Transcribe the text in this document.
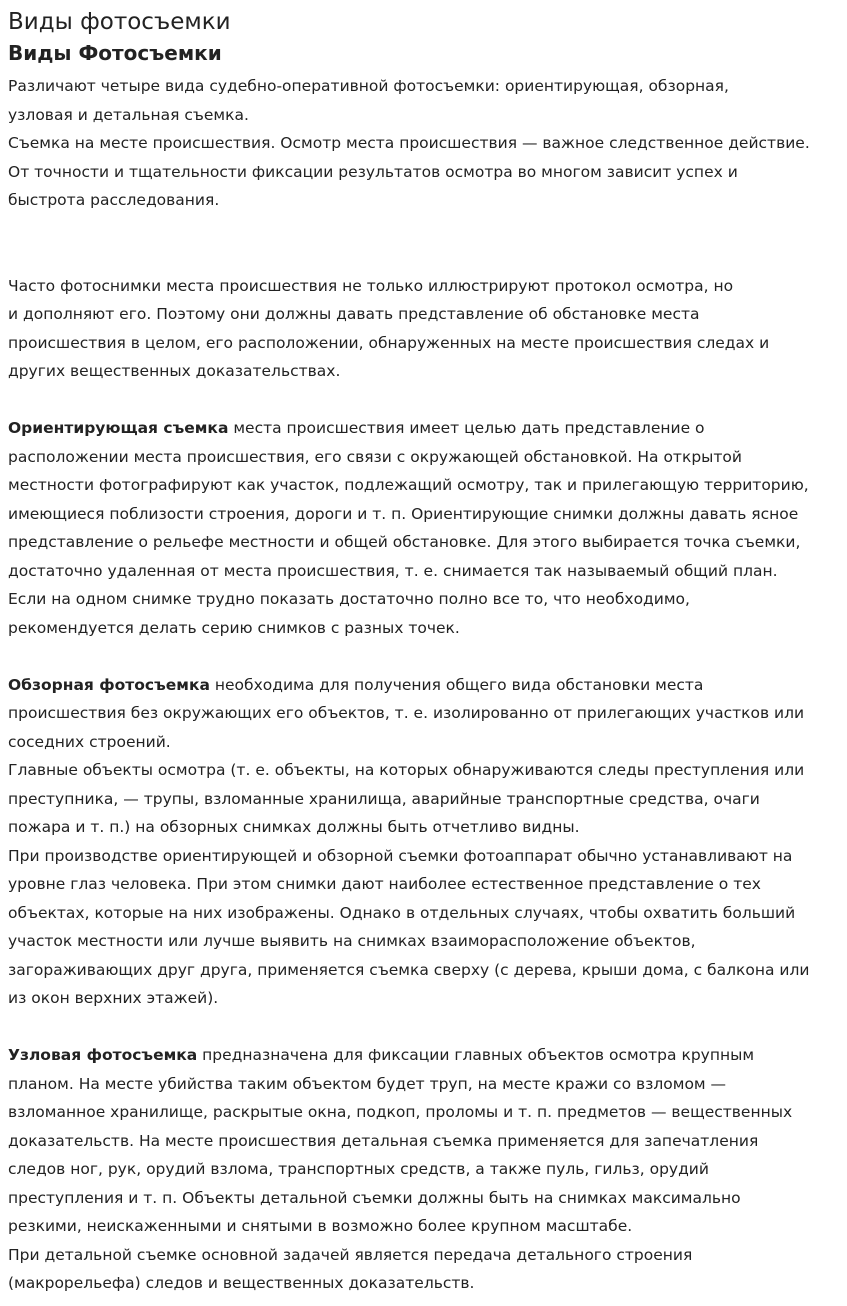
Виды фотосъемки
Виды Фотосъемки

Различают четыре вида судебно-оперативной фотосъемки: ориентирующая, обзорная,

узловая и детальная съемка.

Съемка на месте происшествия. Осмотр места происшествия — важное следственное действие.

От точности и тщательности фиксации результатов осмотра во многом зависит успех и

быстрота расследования.

Часто фотоснимки места происшествия не только иллюстрируют протокол осмотра, но

и дополняют его. Поэтому они должны давать представление об обстановке места

происшествия в целом, его расположении, обнаруженных на месте происшествия следах и

других вещественных доказательствах.

Ориентирующая съемка места происшествия имеет целью дать представление о

расположении места происшествия, его связи с окружающей обстановкой. На открытой

местности фотографируют как участок, подлежащий осмотру, так и прилегающую территорию,

имеющиеся поблизости строения, дороги и т. п. Ориентирующие снимки должны давать ясное

представление о рельефе местности и общей обстановке. Для этого выбирается точка съемки,

достаточно удаленная от места происшествия, т. е. снимается так называемый общий план.

Если на одном снимке трудно показать достаточно полно все то, что необходимо,

рекомендуется делать серию снимков с разных точек.

Обзорная фотосъемка необходима для получения общего вида обстановки места

происшествия без окружающих его объектов, т. е. изолированно от прилегающих участков или

соседних строений.

Главные объекты осмотра (т. е. объекты, на которых обнаруживаются следы преступления или

преступника, — трупы, взломанные хранилища, аварийные транспортные средства, очаги

пожара и т. п.) на обзорных снимках должны быть отчетливо видны.

При производстве ориентирующей и обзорной съемки фотоаппарат обычно устанавливают на

уровне глаз человека. При этом снимки дают наиболее естественное представление о тех

объектах, которые на них изображены. Однако в отдельных случаях, чтобы охватить больший

участок местности или лучше выявить на снимках взаиморасположение объектов,

загораживающих друг друга, применяется съемка сверху (с дерева, крыши дома, с балкона или

из окон верхних этажей).

Узловая фотосъемка предназначена для фиксации главных объектов осмотра крупным

планом. На месте убийства таким объектом будет труп, на месте кражи со взломом —

взломанное хранилище, раскрытые окна, подкоп, проломы и т. п. предметов — вещественных

доказательств. На месте происшествия детальная съемка применяется для запечатления

следов ног, рук, орудий взлома, транспортных средств, а также пуль, гильз, орудий

преступления и т. п. Объекты детальной съемки должны быть на снимках максимально

резкими, неискаженными и снятыми в возможно более крупном масштабе.

При детальной съемке основной задачей является передача детального строения

(макрорельефа) следов и вещественных доказательств.
